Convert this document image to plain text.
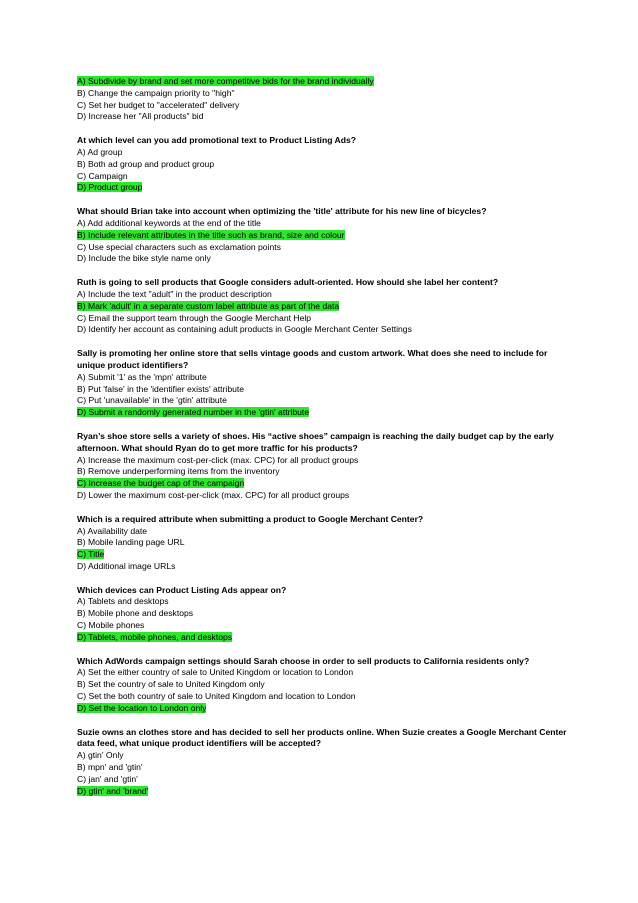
A) Subdivide by brand and set more competitive bids for the brand individually
B) Change the campaign priority to "high"
C) Set her budget to "accelerated" delivery
D) Increase her "All products" bid
At which level can you add promotional text to Product Listing Ads?
A) Ad group
B) Both ad group and product group
C) Campaign
D) Product group
What should Brian take into account when optimizing the 'title' attribute for his new line of bicycles?
A) Add additional keywords at the end of the title
B) Include relevant attributes in the title such as brand, size and colour
C) Use special characters such as exclamation points
D) Include the bike style name only
Ruth is going to sell products that Google considers adult-oriented. How should she label her content?
A) Include the text "adult" in the product description
B) Mark 'adult' in a separate custom label attribute as part of the data
C) Email the support team through the Google Merchant Help
D) Identify her account as containing adult products in Google Merchant Center Settings
Sally is promoting her online store that sells vintage goods and custom artwork. What does she need to include for unique product identifiers?
A) Submit '1' as the 'mpn' attribute
B) Put 'false' in the 'identifier exists' attribute
C) Put 'unavailable' in the 'gtin' attribute
D) Submit a randomly generated number in the 'gtin' attribute
Ryan’s shoe store sells a variety of shoes. His “active shoes” campaign is reaching the daily budget cap by the early afternoon. What should Ryan do to get more traffic for his products?
A) Increase the maximum cost-per-click (max. CPC) for all product groups
B) Remove underperforming items from the inventory
C) Increase the budget cap of the campaign
D) Lower the maximum cost-per-click (max. CPC) for all product groups
Which is a required attribute when submitting a product to Google Merchant Center?
A) Availability date
B) Mobile landing page URL
C) Title
D) Additional image URLs
Which devices can Product Listing Ads appear on?
A) Tablets and desktops
B) Mobile phone and desktops
C) Mobile phones
D) Tablets, mobile phones, and desktops
Which AdWords campaign settings should Sarah choose in order to sell products to California residents only?
A) Set the either country of sale to United Kingdom or location to London
B) Set the country of sale to United Kingdom only
C) Set the both country of sale to United Kingdom and location to London
D) Set the location to London only
Suzie owns an clothes store and has decided to sell her products online. When Suzie creates a Google Merchant Center data feed, what unique product identifiers will be accepted?
A) gtin' Only
B) mpn' and 'gtin'
C) jan' and 'gtin'
D) gtin' and 'brand'
